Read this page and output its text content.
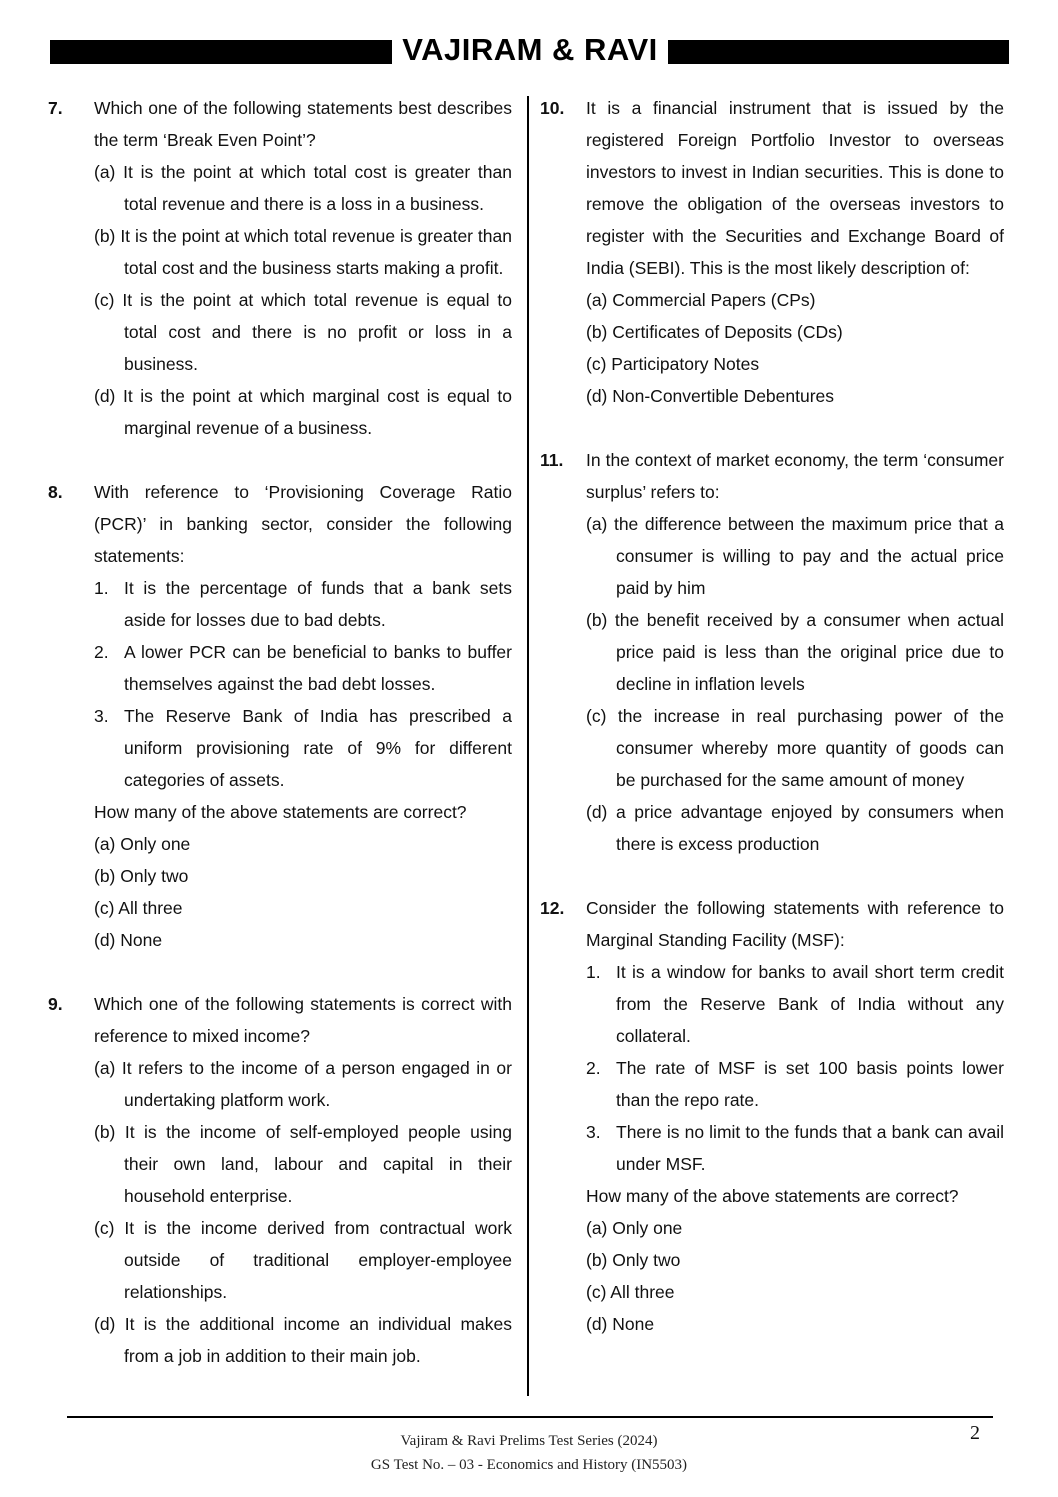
VAJIRAM & RAVI
7.	Which one of the following statements best describes the term ‘Break Even Point’?
(a) It is the point at which total cost is greater than total revenue and there is a loss in a business.
(b) It is the point at which total revenue is greater than total cost and the business starts making a profit.
(c) It is the point at which total revenue is equal to total cost and there is no profit or loss in a business.
(d) It is the point at which marginal cost is equal to marginal revenue of a business.
8.	With reference to ‘Provisioning Coverage Ratio (PCR)’ in banking sector, consider the following statements:
1. It is the percentage of funds that a bank sets aside for losses due to bad debts.
2. A lower PCR can be beneficial to banks to buffer themselves against the bad debt losses.
3. The Reserve Bank of India has prescribed a uniform provisioning rate of 9% for different categories of assets.
How many of the above statements are correct?
(a) Only one
(b) Only two
(c) All three
(d) None
9.	Which one of the following statements is correct with reference to mixed income?
(a) It refers to the income of a person engaged in or undertaking platform work.
(b) It is the income of self-employed people using their own land, labour and capital in their household enterprise.
(c) It is the income derived from contractual work outside of traditional employer-employee relationships.
(d) It is the additional income an individual makes from a job in addition to their main job.
10.	It is a financial instrument that is issued by the registered Foreign Portfolio Investor to overseas investors to invest in Indian securities. This is done to remove the obligation of the overseas investors to register with the Securities and Exchange Board of India (SEBI). This is the most likely description of:
(a) Commercial Papers (CPs)
(b) Certificates of Deposits (CDs)
(c) Participatory Notes
(d) Non-Convertible Debentures
11.	In the context of market economy, the term ‘consumer surplus’ refers to:
(a) the difference between the maximum price that a consumer is willing to pay and the actual price paid by him
(b) the benefit received by a consumer when actual price paid is less than the original price due to decline in inflation levels
(c) the increase in real purchasing power of the consumer whereby more quantity of goods can be purchased for the same amount of money
(d) a price advantage enjoyed by consumers when there is excess production
12.	Consider the following statements with reference to Marginal Standing Facility (MSF):
1. It is a window for banks to avail short term credit from the Reserve Bank of India without any collateral.
2. The rate of MSF is set 100 basis points lower than the repo rate.
3. There is no limit to the funds that a bank can avail under MSF.
How many of the above statements are correct?
(a) Only one
(b) Only two
(c) All three
(d) None
Vajiram & Ravi Prelims Test Series (2024)
GS Test No. – 03 - Economics and History (IN5503)
2
